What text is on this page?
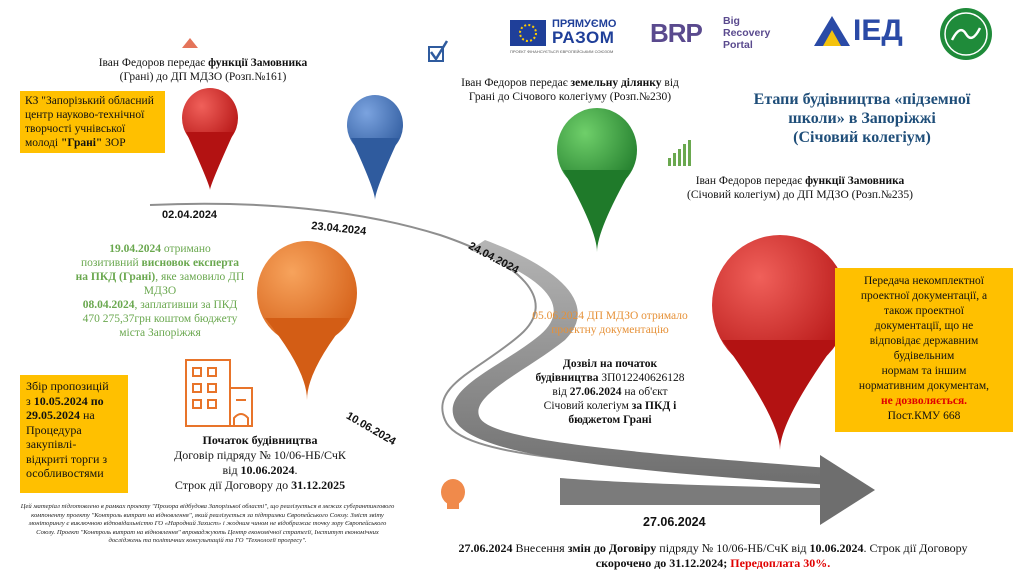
ПРЯМУЄМО
РАЗОМ
ПРОЕКТ ФІНАНСУЄТЬСЯ ЄВРОПЕЙСЬКИМ СОЮЗОМ
BRP Big
Recovery
Portal	ІЕД
Етапи будівництва «підземної
школи» в Запоріжжі
(Січовий колегіум)
Іван Федоров передає функції Замовника
(Грані) до ДП МДЗО (Розп.№161)	Іван Федоров передає земельну ділянку від
Грані до Січового колегіуму (Розп.№230)
Іван Федоров передає функції Замовника
(Січовий колегіум) до ДП МДЗО (Розп.№235)
КЗ "Запорізький обласний центр науково-технічної творчості учнівської молоді "Грані" ЗОР
02.04.2024
23.04.2024
24.04.2024
10.06.2024
27.06.2024
19.04.2024 отримано
позитивний висновок експерта
на ПКД (Грані), яке замовило ДП
МДЗО
08.04.2024, заплативши за ПКД
470 275,37грн коштом бюджету
міста Запоріжжя
05.06.2024 ДП МДЗО отримало
проектну документацію
Дозвіл на початок
будівництва ЗП012240626128
від 27.06.2024 на об'єкт
Січовий колегіум за ПКД і
бюджетом Грані
Збір пропозицій
з 10.05.2024 по
29.05.2024 на
Процедура
закупівлі-
відкриті торги з
особливостями
Початок будівництва
Договір підряду № 10/06-НБ/СчК
від 10.06.2024.
Строк дії Договору до 31.12.2025
Передача некомплектної
проектної документації, а
також проектної
документації, що не
відповідає державним
будівельним
нормам та іншим
нормативним документам,
не дозволяється.
Пост.КМУ 668
Цей матеріал підготовлено в рамках проекту "Прозора відбудова Запорізької області", що реалізується в межах субгрантингового компоненту проекту "Контроль витрат на відновлення", який реалізується за підтримки Європейського Союзу. Зміст звіту моніторингу є виключною відповідальністю ГО «Народний Захист» і жодним чином не відображає точку зору Європейського Союзу. Проект "Контроль витрат на відновлення" впроваджують Центр економічної стратегії, Інститут економічних досліджень та політичних консультацій та ГО "Технології прогресу".
27.06.2024 Внесення змін до Договіру підряду № 10/06-НБ/СчК від 10.06.2024. Строк дії Договору
скорочено до 31.12.2024; Передоплата 30%.
